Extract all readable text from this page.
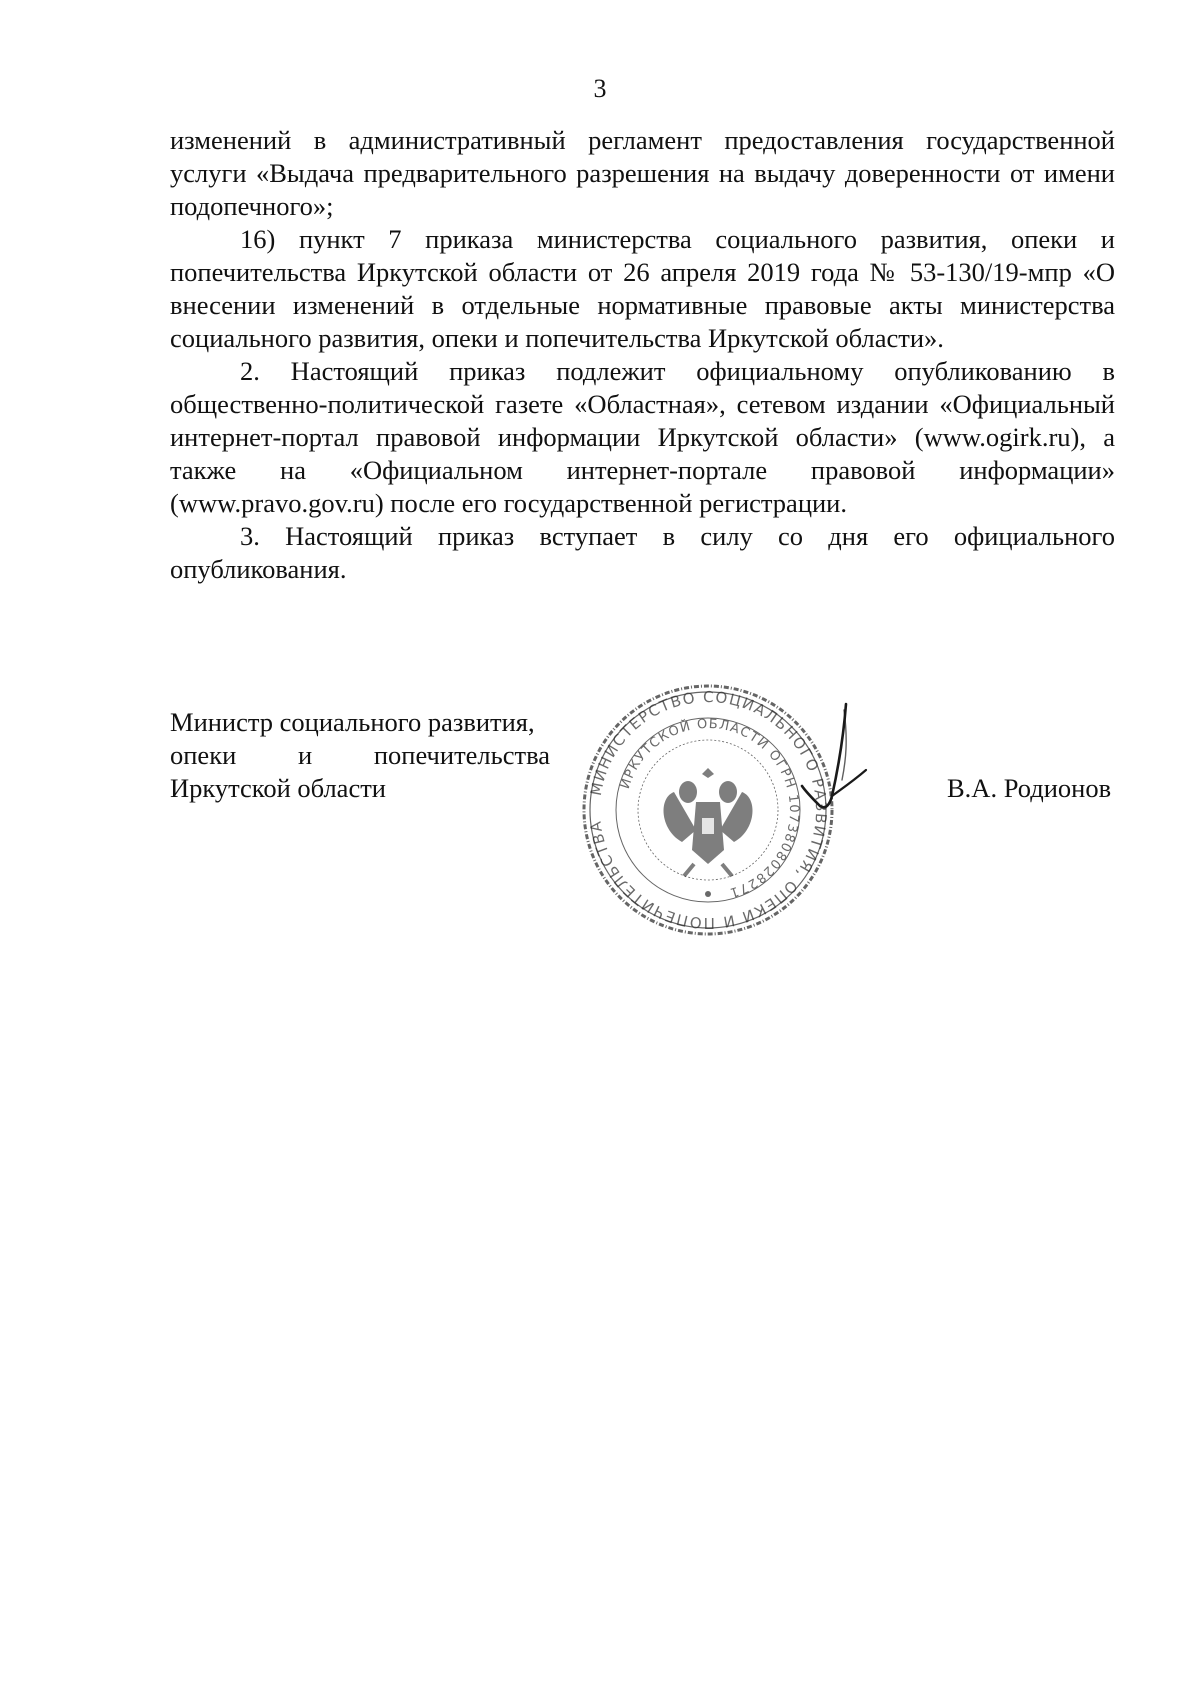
3

изменений в административный регламент предоставления государственной услуги «Выдача предварительного разрешения на выдачу доверенности от имени подопечного»;

16) пункт 7 приказа министерства социального развития, опеки и попечительства Иркутской области от 26 апреля 2019 года № 53-130/19-мпр «О внесении изменений в отдельные нормативные правовые акты министерства социального развития, опеки и попечительства Иркутской области».

2. Настоящий приказ подлежит официальному опубликованию в общественно-политической газете «Областная», сетевом издании «Официальный интернет-портал правовой информации Иркутской области» (www.ogirk.ru), а также на «Официальном интернет-портале правовой информации» (www.pravo.gov.ru) после его государственной регистрации.

3. Настоящий приказ вступает в силу со дня его официального опубликования.

Министр социального развития,
опеки и попечительства
Иркутской области	МИНИСТЕРСТВО СОЦИАЛЬНОГО РАЗВИТИЯ, ОПЕКИ И ПОПЕЧИТЕЛЬСТВА
ИРКУТСКОЙ ОБЛАСТИ ОГРН 1073808028271
В.А. Родионов
